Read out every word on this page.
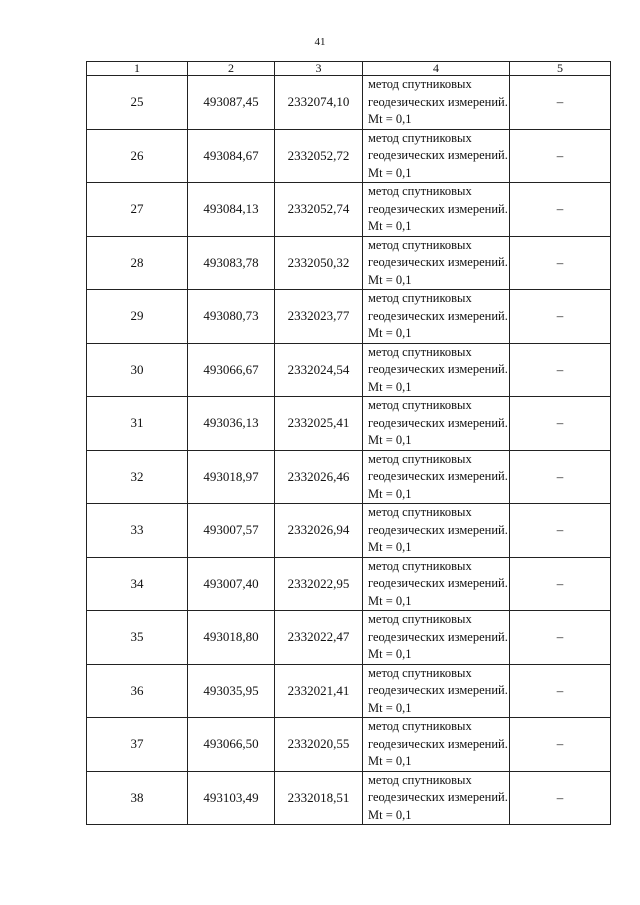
41
1	2	3	4	5
25	493087,45	2332074,10	метод спутниковых геодезических измерений. Mt = 0,1	–
26	493084,67	2332052,72	метод спутниковых геодезических измерений. Mt = 0,1	–
27	493084,13	2332052,74	метод спутниковых геодезических измерений. Mt = 0,1	–
28	493083,78	2332050,32	метод спутниковых геодезических измерений. Mt = 0,1	–
29	493080,73	2332023,77	метод спутниковых геодезических измерений. Mt = 0,1	–
30	493066,67	2332024,54	метод спутниковых геодезических измерений. Mt = 0,1	–
31	493036,13	2332025,41	метод спутниковых геодезических измерений. Mt = 0,1	–
32	493018,97	2332026,46	метод спутниковых геодезических измерений. Mt = 0,1	–
33	493007,57	2332026,94	метод спутниковых геодезических измерений. Mt = 0,1	–
34	493007,40	2332022,95	метод спутниковых геодезических измерений. Mt = 0,1	–
35	493018,80	2332022,47	метод спутниковых геодезических измерений. Mt = 0,1	–
36	493035,95	2332021,41	метод спутниковых геодезических измерений. Mt = 0,1	–
37	493066,50	2332020,55	метод спутниковых геодезических измерений. Mt = 0,1	–
38	493103,49	2332018,51	метод спутниковых геодезических измерений. Mt = 0,1	–
